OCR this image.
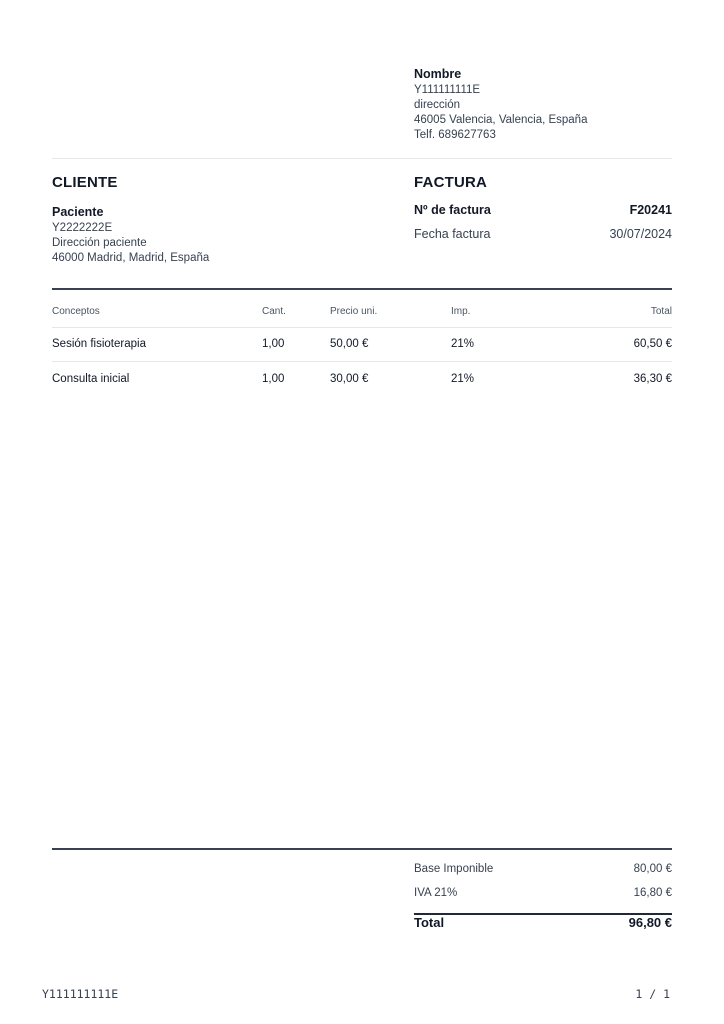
Nombre
Y111111111E
dirección
46005 Valencia, Valencia, España
Telf. 689627763
CLIENTE	FACTURA
Paciente
Y2222222E
Dirección paciente
46000 Madrid, Madrid, España
Nº de factura	F20241
Fecha factura	30/07/2024
Conceptos	Cant.	Precio uni.	Imp.	Total
Sesión fisioterapia	1,00	50,00 €	21%	60,50 €
Consulta inicial	1,00	30,00 €	21%	36,30 €
Base Imponible	80,00 €
IVA 21%	16,80 €
Total	96,80 €
Y111111111E	1 / 1
